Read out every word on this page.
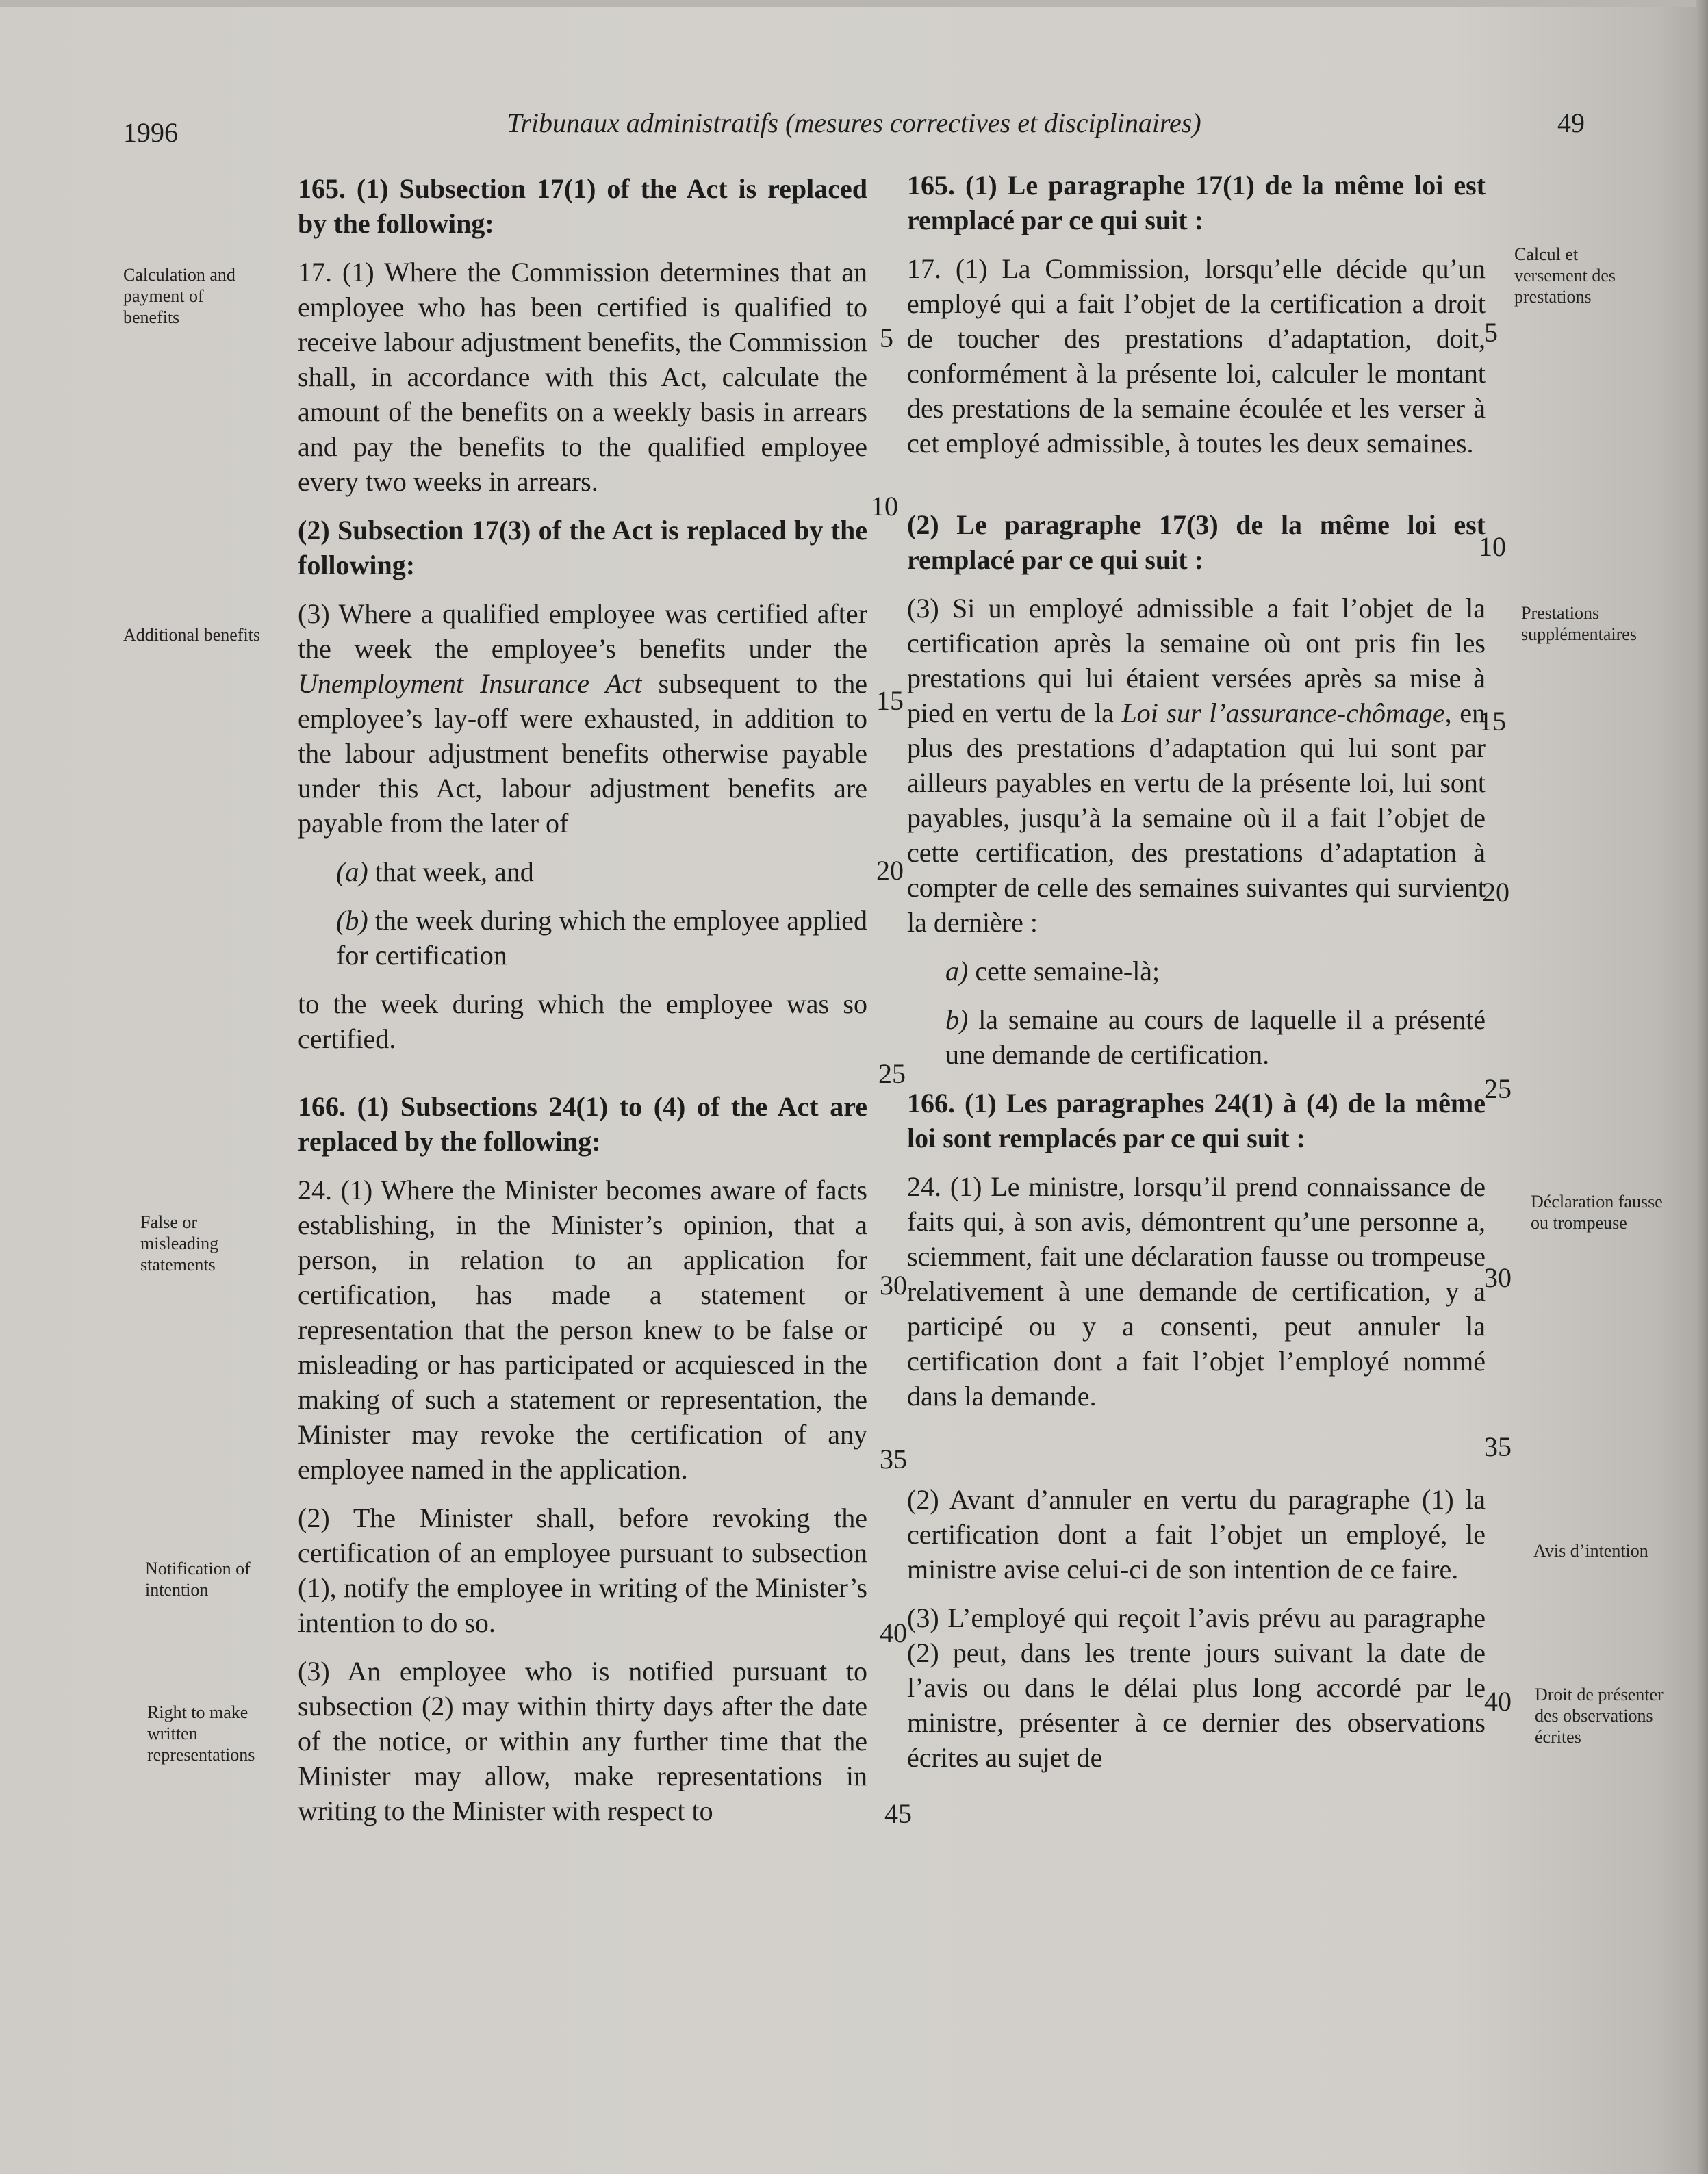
1996	Tribunaux administratifs (mesures correctives et disciplinaires)	49

165. (1) Subsection 17(1) of the Act is replaced by the following:

17. (1) Where the Commission determines that an employee who has been certified is qualified to receive labour adjustment benefits, the Commission shall, in accordance with this Act, calculate the amount of the benefits on a weekly basis in arrears and pay the benefits to the qualified employee every two weeks in arrears.

(2) Subsection 17(3) of the Act is replaced by the following:

(3) Where a qualified employee was certified after the week the employee’s benefits under the Unemployment Insurance Act subsequent to the employee’s lay-off were exhausted, in addition to the labour adjustment benefits otherwise payable under this Act, labour adjustment benefits are payable from the later of

(a) that week, and

(b) the week during which the employee applied for certification

to the week during which the employee was so certified.

166. (1) Subsections 24(1) to (4) of the Act are replaced by the following:

24. (1) Where the Minister becomes aware of facts establishing, in the Minister’s opinion, that a person, in relation to an application for certification, has made a statement or representation that the person knew to be false or misleading or has participated or acquiesced in the making of such a statement or representation, the Minister may revoke the certification of any employee named in the application.

(2) The Minister shall, before revoking the certification of an employee pursuant to subsection (1), notify the employee in writing of the Minister’s intention to do so.

(3) An employee who is notified pursuant to subsection (2) may within thirty days after the date of the notice, or within any further time that the Minister may allow, make representations in writing to the Minister with respect to

165. (1) Le paragraphe 17(1) de la même loi est remplacé par ce qui suit :

17. (1) La Commission, lorsqu’elle décide qu’un employé qui a fait l’objet de la certification a droit de toucher des prestations d’adaptation, doit, conformément à la présente loi, calculer le montant des prestations de la semaine écoulée et les verser à cet employé admissible, à toutes les deux semaines.

(2) Le paragraphe 17(3) de la même loi est remplacé par ce qui suit :

(3) Si un employé admissible a fait l’objet de la certification après la semaine où ont pris fin les prestations qui lui étaient versées après sa mise à pied en vertu de la Loi sur l’assurance-chômage, en plus des prestations d’adaptation qui lui sont par ailleurs payables en vertu de la présente loi, lui sont payables, jusqu’à la semaine où il a fait l’objet de cette certification, des prestations d’adaptation à compter de celle des semaines suivantes qui survient la dernière :

a) cette semaine-là;

b) la semaine au cours de laquelle il a présenté une demande de certification.

166. (1) Les paragraphes 24(1) à (4) de la même loi sont remplacés par ce qui suit :

24. (1) Le ministre, lorsqu’il prend connaissance de faits qui, à son avis, démontrent qu’une personne a, sciemment, fait une déclaration fausse ou trompeuse relativement à une demande de certification, y a participé ou y a consenti, peut annuler la certification dont a fait l’objet l’employé nommé dans la demande.

(2) Avant d’annuler en vertu du paragraphe (1) la certification dont a fait l’objet un employé, le ministre avise celui-ci de son intention de ce faire.

(3) L’employé qui reçoit l’avis prévu au paragraphe (2) peut, dans les trente jours suivant la date de l’avis ou dans le délai plus long accordé par le ministre, présenter à ce dernier des observations écrites au sujet de

Calculation and payment of benefits
Additional benefits
False or misleading statements
Notification of intention
Right to make written representations
Calcul et versement des prestations
Prestations supplémentaires
Déclaration fausse ou trompeuse
Avis d’intention
Droit de présenter des observations écrites
5
10
15
20
25
30
35
40
45
5
10
15
20
25
30
35
40
